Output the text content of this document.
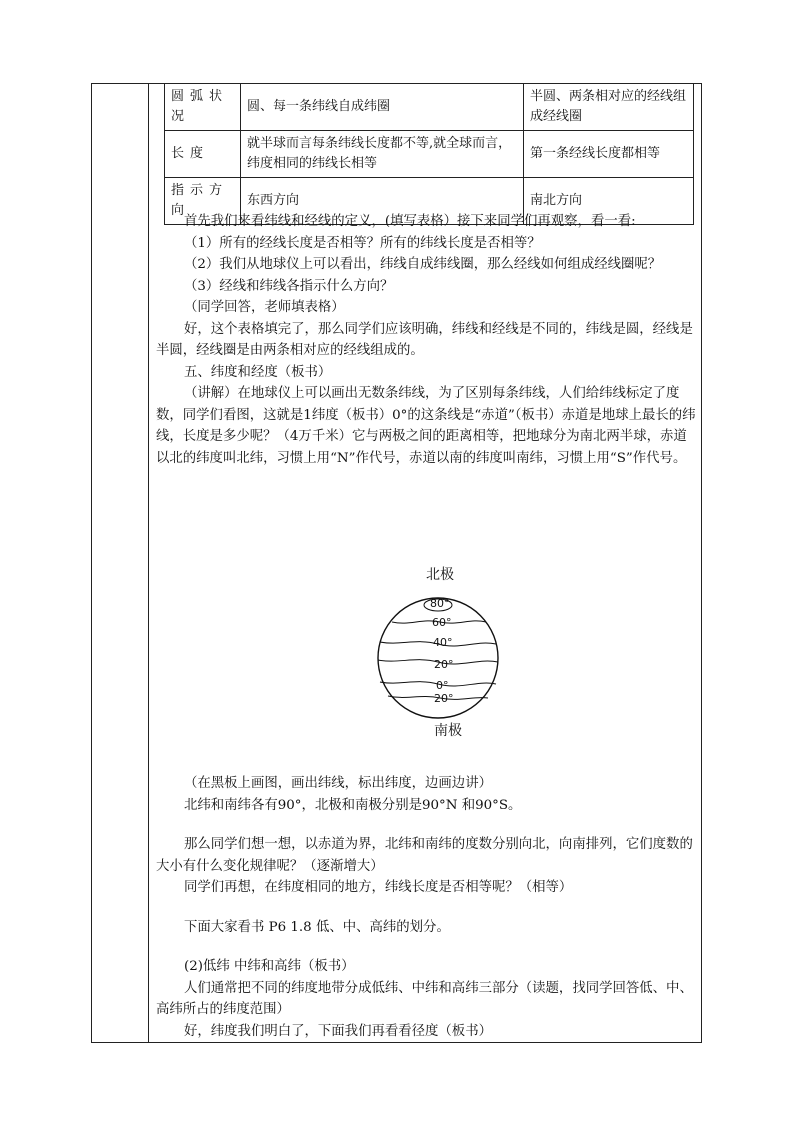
圆弧状况	圆、每一条纬线自成纬圈	半圆、两条相对应的经线组成经线圈
长度	就半球而言每条纬线长度都不等,就全球而言，纬度相同的纬线长相等	第一条经线长度都相等
指示方向	东西方向	南北方向

首先我们来看纬线和经线的定义，(填写表格）接下来同学们再观察，看一看:

（1）所有的经线长度是否相等？所有的纬线长度是否相等？

（2）我们从地球仪上可以看出，纬线自成纬线圈，那么经线如何组成经线圈呢？

（3）经线和纬线各指示什么方向？

（同学回答，老师填表格）

好，这个表格填完了，那么同学们应该明确，纬线和经线是不同的，纬线是圆，经线是半圆，经线圈是由两条相对应的经线组成的。

五、纬度和经度（板书）

（讲解）在地球仪上可以画出无数条纬线，为了区别每条纬线，人们给纬线标定了度数，同学们看图，这就是1纬度（板书）0°的这条线是“赤道”（板书）赤道是地球上最长的纬线，长度是多少呢？（4万千米）它与两极之间的距离相等，把地球分为南北两半球，赤道以北的纬度叫北纬，习惯上用“N”作代号，赤道以南的纬度叫南纬，习惯上用“S”作代号。

北极
80°
60°
40°
20°
0°
20°
南极

（在黑板上画图，画出纬线，标出纬度，边画边讲）

北纬和南纬各有90°，北极和南极分别是90°N 和90°S。

那么同学们想一想，以赤道为界，北纬和南纬的度数分别向北，向南排列，它们度数的大小有什么变化规律呢？（逐渐增大）

同学们再想，在纬度相同的地方，纬线长度是否相等呢？（相等）

下面大家看书 P6 1.8 低、中、高纬的划分。

(2)低纬 中纬和高纬（板书）

人们通常把不同的纬度地带分成低纬、中纬和高纬三部分（读题，找同学回答低、中、高纬所占的纬度范围）

好，纬度我们明白了，下面我们再看看径度（板书）
